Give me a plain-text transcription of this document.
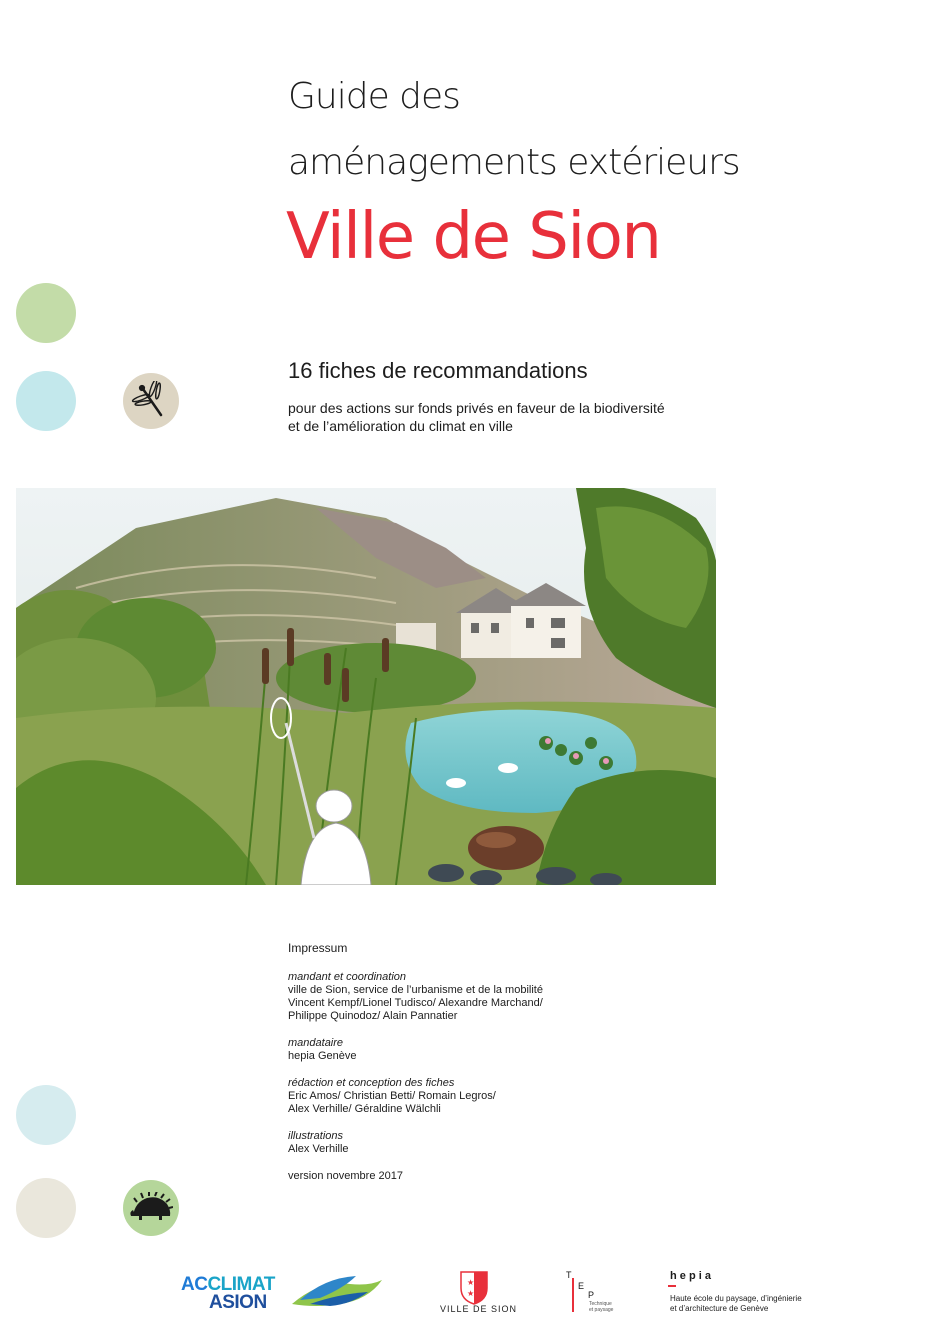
Guide des
aménagements extérieurs
Ville de Sion
16 fiches de recommandations
pour des actions sur fonds privés en faveur de la biodiversité
et de l’amélioration du climat en ville
Impressum
mandant et coordination
ville de Sion, service de l’urbanisme et de la mobilité
Vincent Kempf/Lionel Tudisco/ Alexandre Marchand/
Philippe Quinodoz/ Alain Pannatier
mandataire
hepia Genève
rédaction et conception des fiches
Eric Amos/ Christian Betti/ Romain Legros/
Alex Verhille/ Géraldine Wälchli
illustrations
Alex Verhille
version novembre 2017
ACCLIMAT
ASION
★
★
VILLE DE SION
T
E
P
Technique
et paysage
h e p i a
Haute école du paysage, d’ingénierie
et d’architecture de Genève
